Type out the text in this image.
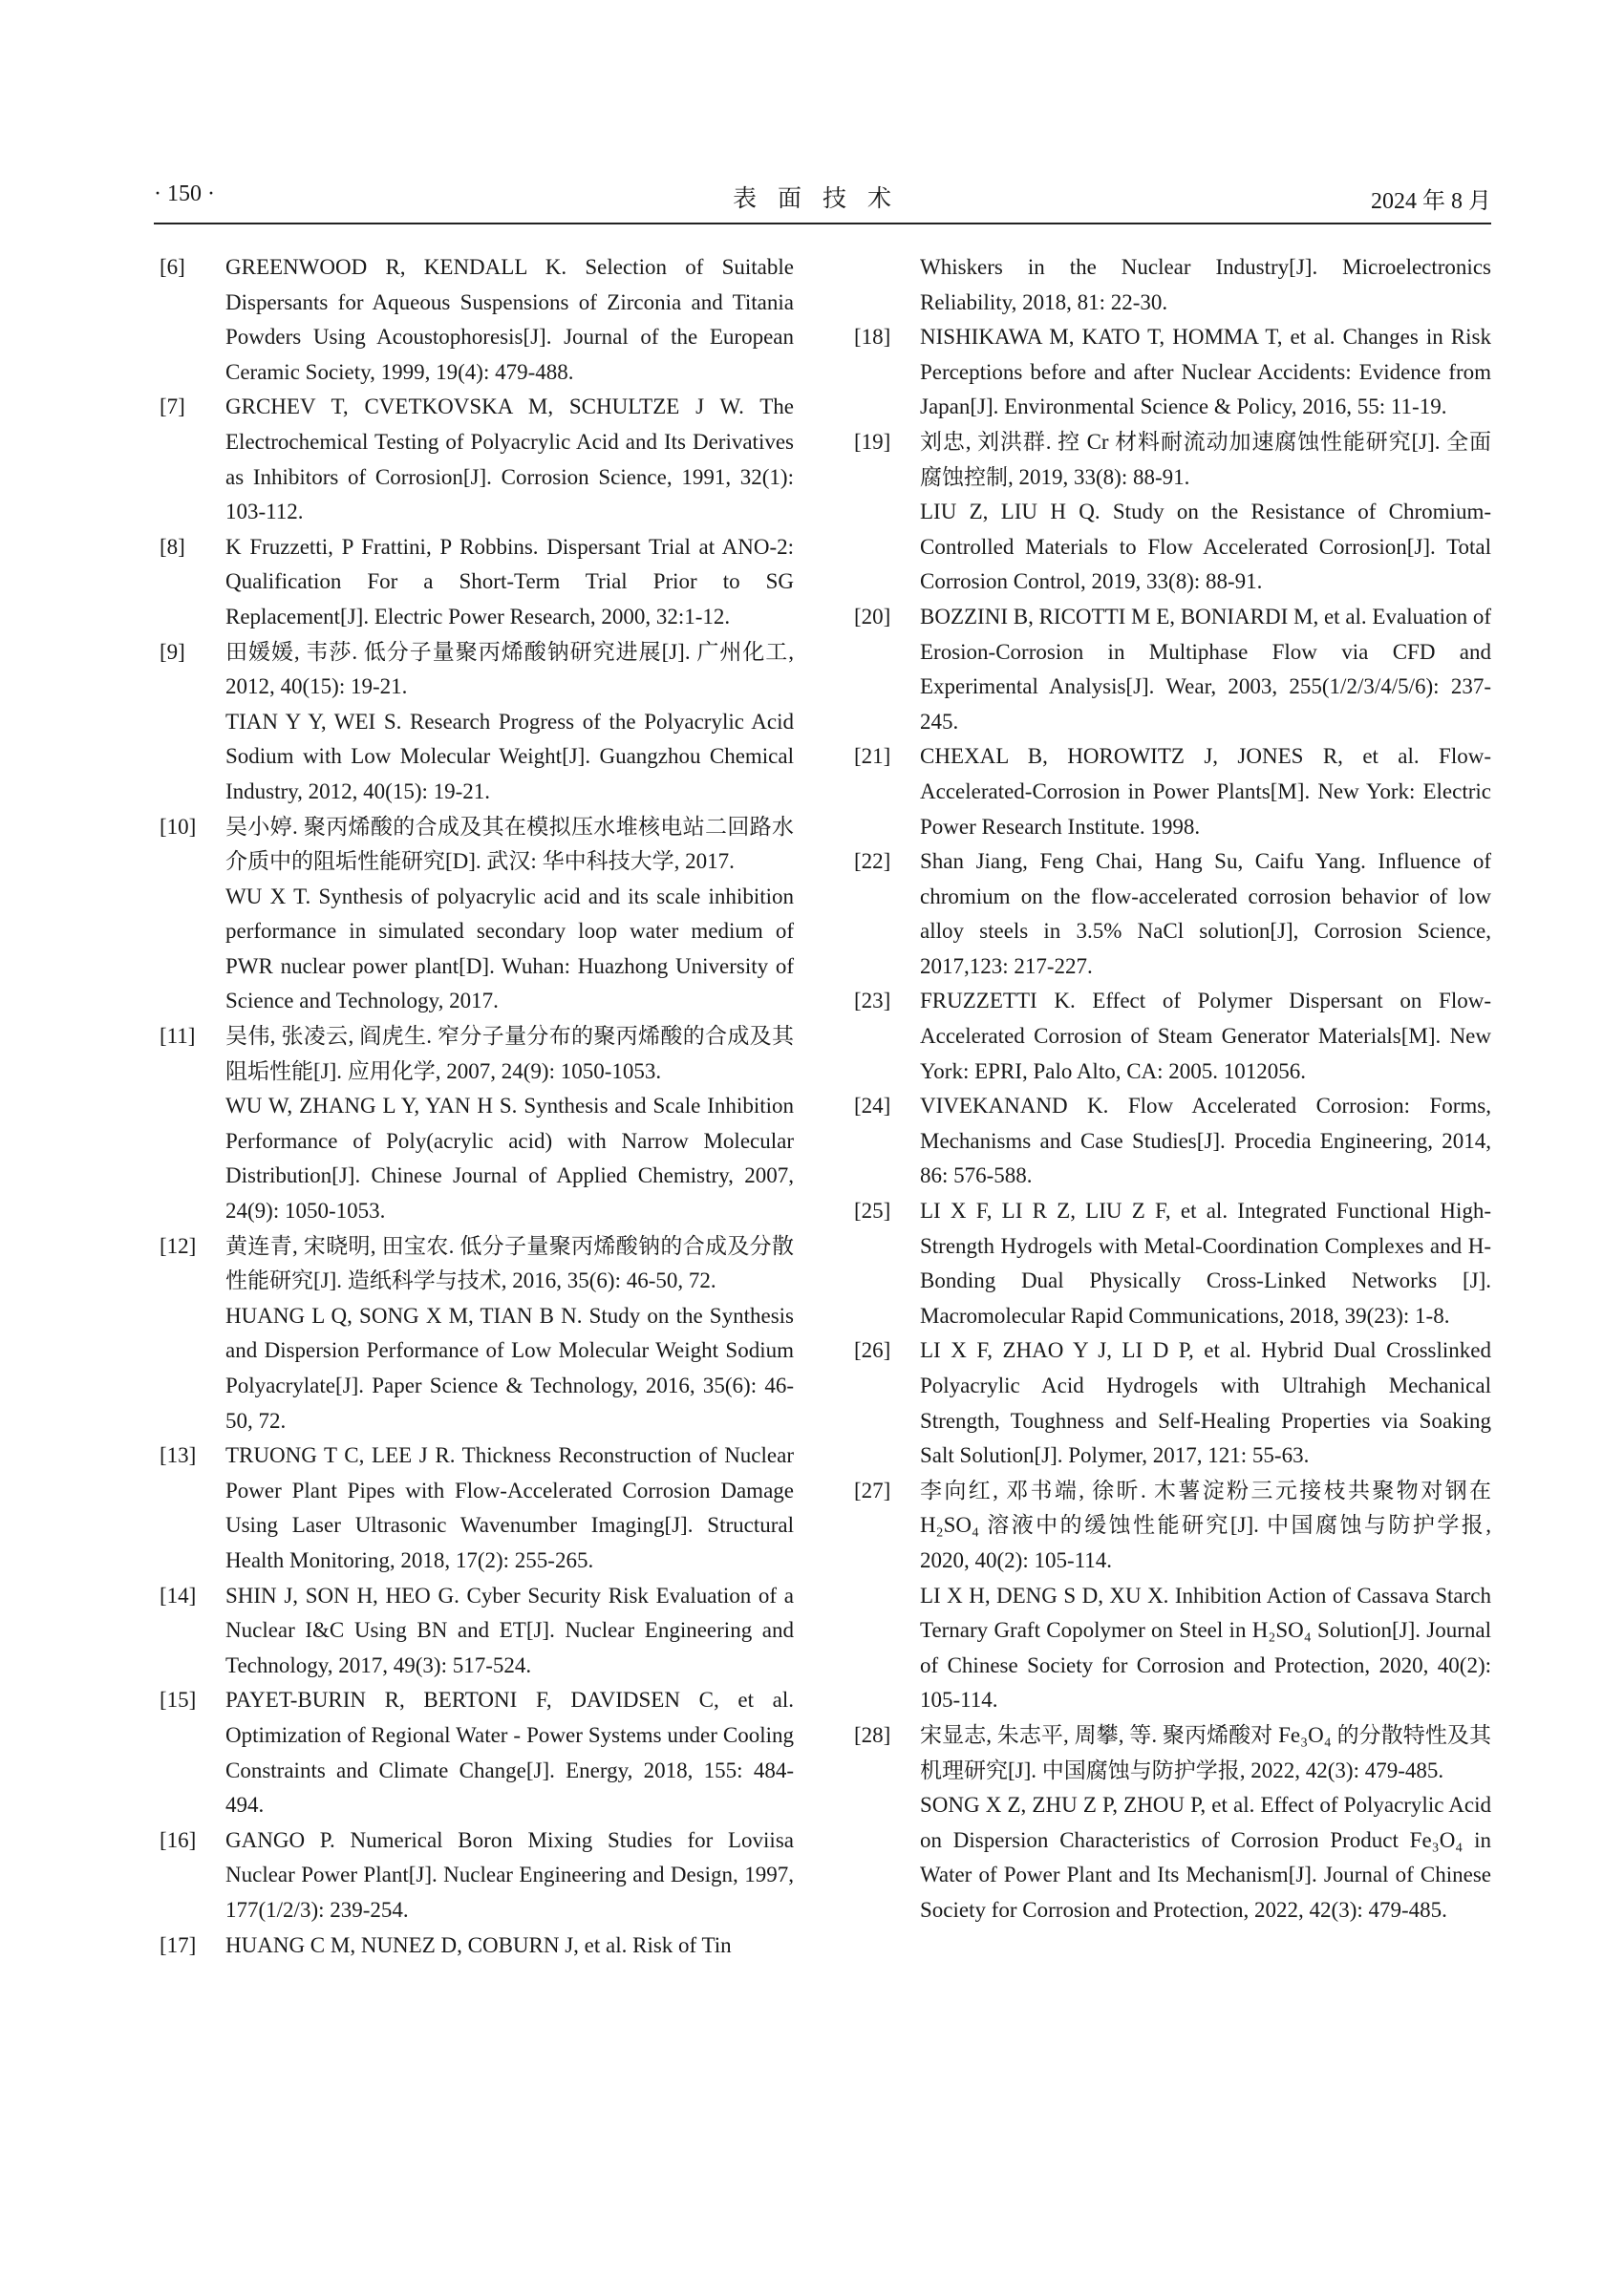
· 150 ·	表面技术	2024 年 8 月
[6] GREENWOOD R, KENDALL K. Selection of Suitable Dispersants for Aqueous Suspensions of Zirconia and Titania Powders Using Acoustophoresis[J]. Journal of the European Ceramic Society, 1999, 19(4): 479-488.

[7] GRCHEV T, CVETKOVSKA M, SCHULTZE J W. The Electrochemical Testing of Polyacrylic Acid and Its Derivatives as Inhibitors of Corrosion[J]. Corrosion Science, 1991, 32(1): 103-112.

[8] K Fruzzetti, P Frattini, P Robbins. Dispersant Trial at ANO-2: Qualification For a Short-Term Trial Prior to SG Replacement[J]. Electric Power Research, 2000, 32:1-12.

[9] 田媛媛, 韦莎. 低分子量聚丙烯酸钠研究进展[J]. 广州化工, 2012, 40(15): 19-21.

TIAN Y Y, WEI S. Research Progress of the Polyacrylic Acid Sodium with Low Molecular Weight[J]. Guangzhou Chemical Industry, 2012, 40(15): 19-21.

[10] 吴小婷. 聚丙烯酸的合成及其在模拟压水堆核电站二回路水介质中的阻垢性能研究[D]. 武汉: 华中科技大学, 2017.

WU X T. Synthesis of polyacrylic acid and its scale inhibition performance in simulated secondary loop water medium of PWR nuclear power plant[D]. Wuhan: Huazhong University of Science and Technology, 2017.

[11] 吴伟, 张凌云, 阎虎生. 窄分子量分布的聚丙烯酸的合成及其阻垢性能[J]. 应用化学, 2007, 24(9): 1050-1053.

WU W, ZHANG L Y, YAN H S. Synthesis and Scale Inhibition Performance of Poly(acrylic acid) with Narrow Molecular Distribution[J]. Chinese Journal of Applied Chemistry, 2007, 24(9): 1050-1053.

[12] 黄连青, 宋晓明, 田宝农. 低分子量聚丙烯酸钠的合成及分散性能研究[J]. 造纸科学与技术, 2016, 35(6): 46-50, 72.

HUANG L Q, SONG X M, TIAN B N. Study on the Synthesis and Dispersion Performance of Low Molecular Weight Sodium Polyacrylate[J]. Paper Science & Technology, 2016, 35(6): 46-50, 72.

[13] TRUONG T C, LEE J R. Thickness Reconstruction of Nuclear Power Plant Pipes with Flow-Accelerated Corrosion Damage Using Laser Ultrasonic Wavenumber Imaging[J]. Structural Health Monitoring, 2018, 17(2): 255-265.

[14] SHIN J, SON H, HEO G. Cyber Security Risk Evaluation of a Nuclear I&C Using BN and ET[J]. Nuclear Engineering and Technology, 2017, 49(3): 517-524.

[15] PAYET-BURIN R, BERTONI F, DAVIDSEN C, et al. Optimization of Regional Water - Power Systems under Cooling Constraints and Climate Change[J]. Energy, 2018, 155: 484-494.

[16] GANGO P. Numerical Boron Mixing Studies for Loviisa Nuclear Power Plant[J]. Nuclear Engineering and Design, 1997, 177(1/2/3): 239-254.

[17] HUANG C M, NUNEZ D, COBURN J, et al. Risk of Tin

Whiskers in the Nuclear Industry[J]. Microelectronics Reliability, 2018, 81: 22-30.

[18] NISHIKAWA M, KATO T, HOMMA T, et al. Changes in Risk Perceptions before and after Nuclear Accidents: Evidence from Japan[J]. Environmental Science & Policy, 2016, 55: 11-19.

[19] 刘忠, 刘洪群. 控 Cr 材料耐流动加速腐蚀性能研究[J]. 全面腐蚀控制, 2019, 33(8): 88-91.

LIU Z, LIU H Q. Study on the Resistance of Chromium-Controlled Materials to Flow Accelerated Corrosion[J]. Total Corrosion Control, 2019, 33(8): 88-91.

[20] BOZZINI B, RICOTTI M E, BONIARDI M, et al. Evaluation of Erosion-Corrosion in Multiphase Flow via CFD and Experimental Analysis[J]. Wear, 2003, 255(1/2/3/4/5/6): 237-245.

[21] CHEXAL B, HOROWITZ J, JONES R, et al. Flow-Accelerated-Corrosion in Power Plants[M]. New York: Electric Power Research Institute. 1998.

[22] Shan Jiang, Feng Chai, Hang Su, Caifu Yang. Influence of chromium on the flow-accelerated corrosion behavior of low alloy steels in 3.5% NaCl solution[J], Corrosion Science, 2017,123: 217-227.

[23] FRUZZETTI K. Effect of Polymer Dispersant on Flow-Accelerated Corrosion of Steam Generator Materials[M]. New York: EPRI, Palo Alto, CA: 2005. 1012056.

[24] VIVEKANAND K. Flow Accelerated Corrosion: Forms, Mechanisms and Case Studies[J]. Procedia Engineering, 2014, 86: 576-588.

[25] LI X F, LI R Z, LIU Z F, et al. Integrated Functional High-Strength Hydrogels with Metal-Coordination Complexes and H-Bonding Dual Physically Cross-Linked Networks [J]. Macromolecular Rapid Communications, 2018, 39(23): 1-8.

[26] LI X F, ZHAO Y J, LI D P, et al. Hybrid Dual Crosslinked Polyacrylic Acid Hydrogels with Ultrahigh Mechanical Strength, Toughness and Self-Healing Properties via Soaking Salt Solution[J]. Polymer, 2017, 121: 55-63.

[27] 李向红, 邓书端, 徐昕. 木薯淀粉三元接枝共聚物对钢在 H₂SO₄ 溶液中的缓蚀性能研究[J]. 中国腐蚀与防护学报, 2020, 40(2): 105-114.

LI X H, DENG S D, XU X. Inhibition Action of Cassava Starch Ternary Graft Copolymer on Steel in H₂SO₄ Solution[J]. Journal of Chinese Society for Corrosion and Protection, 2020, 40(2): 105-114.

[28] 宋显志, 朱志平, 周攀, 等. 聚丙烯酸对 Fe₃O₄ 的分散特性及其机理研究[J]. 中国腐蚀与防护学报, 2022, 42(3): 479-485.

SONG X Z, ZHU Z P, ZHOU P, et al. Effect of Polyacrylic Acid on Dispersion Characteristics of Corrosion Product Fe₃O₄ in Water of Power Plant and Its Mechanism[J]. Journal of Chinese Society for Corrosion and Protection, 2022, 42(3): 479-485.
